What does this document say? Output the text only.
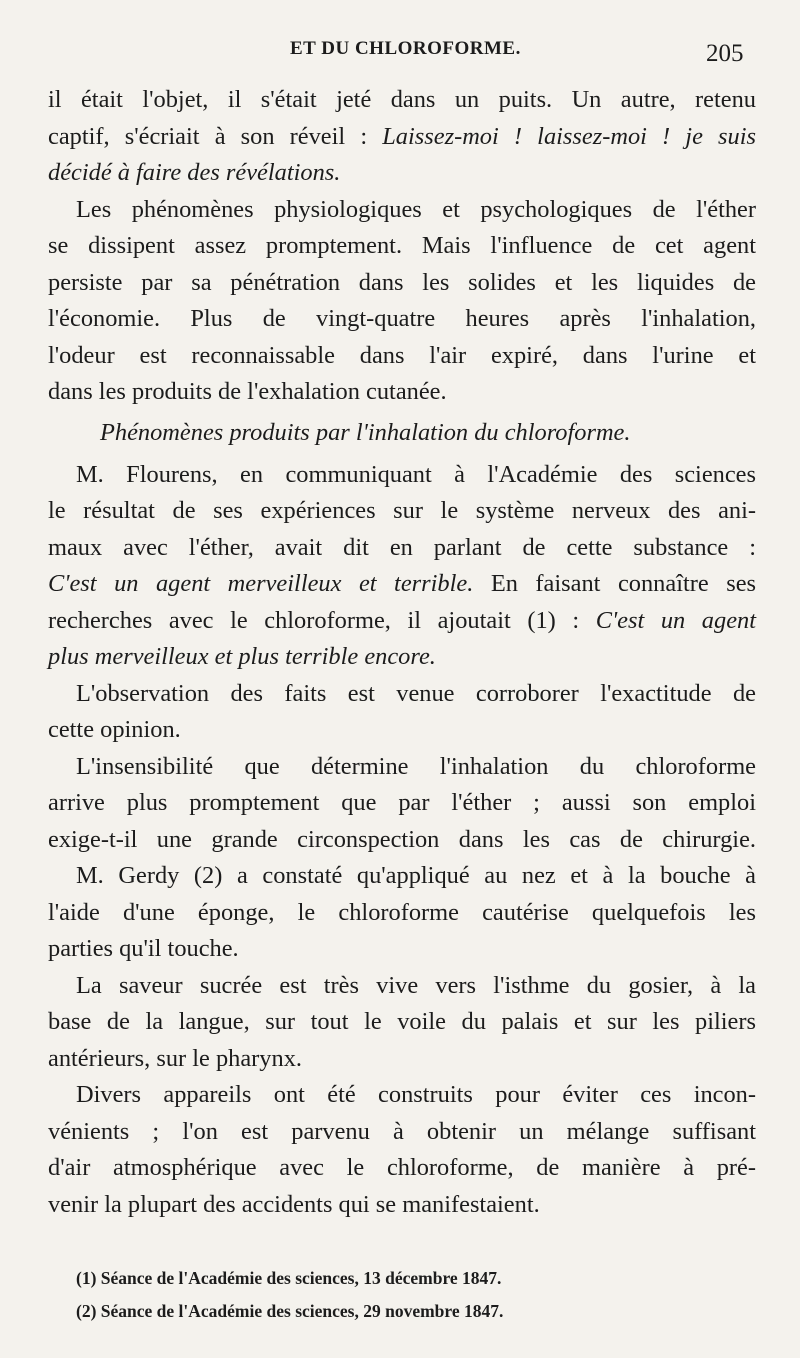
ET DU CHLOROFORME.	205
il était l'objet, il s'était jeté dans un puits. Un autre, retenu
captif, s'écriait à son réveil : Laissez-moi ! laissez-moi ! je suis
décidé à faire des révélations.
Les phénomènes physiologiques et psychologiques de l'éther
se dissipent assez promptement. Mais l'influence de cet agent
persiste par sa pénétration dans les solides et les liquides de
l'économie. Plus de vingt-quatre heures après l'inhalation,
l'odeur est reconnaissable dans l'air expiré, dans l'urine et
dans les produits de l'exhalation cutanée.
Phénomènes produits par l'inhalation du chloroforme.
M. Flourens, en communiquant à l'Académie des sciences
le résultat de ses expériences sur le système nerveux des ani-
maux avec l'éther, avait dit en parlant de cette substance :
C'est un agent merveilleux et terrible. En faisant connaître ses
recherches avec le chloroforme, il ajoutait (1) : C'est un agent
plus merveilleux et plus terrible encore.
L'observation des faits est venue corroborer l'exactitude de
cette opinion.
L'insensibilité que détermine l'inhalation du chloroforme
arrive plus promptement que par l'éther ; aussi son emploi
exige-t-il une grande circonspection dans les cas de chirurgie.
M. Gerdy (2) a constaté qu'appliqué au nez et à la bouche à
l'aide d'une éponge, le chloroforme cautérise quelquefois les
parties qu'il touche.
La saveur sucrée est très vive vers l'isthme du gosier, à la
base de la langue, sur tout le voile du palais et sur les piliers
antérieurs, sur le pharynx.
Divers appareils ont été construits pour éviter ces incon-
vénients ; l'on est parvenu à obtenir un mélange suffisant
d'air atmosphérique avec le chloroforme, de manière à pré-
venir la plupart des accidents qui se manifestaient.
(1) Séance de l'Académie des sciences, 13 décembre 1847.
(2) Séance de l'Académie des sciences, 29 novembre 1847.
